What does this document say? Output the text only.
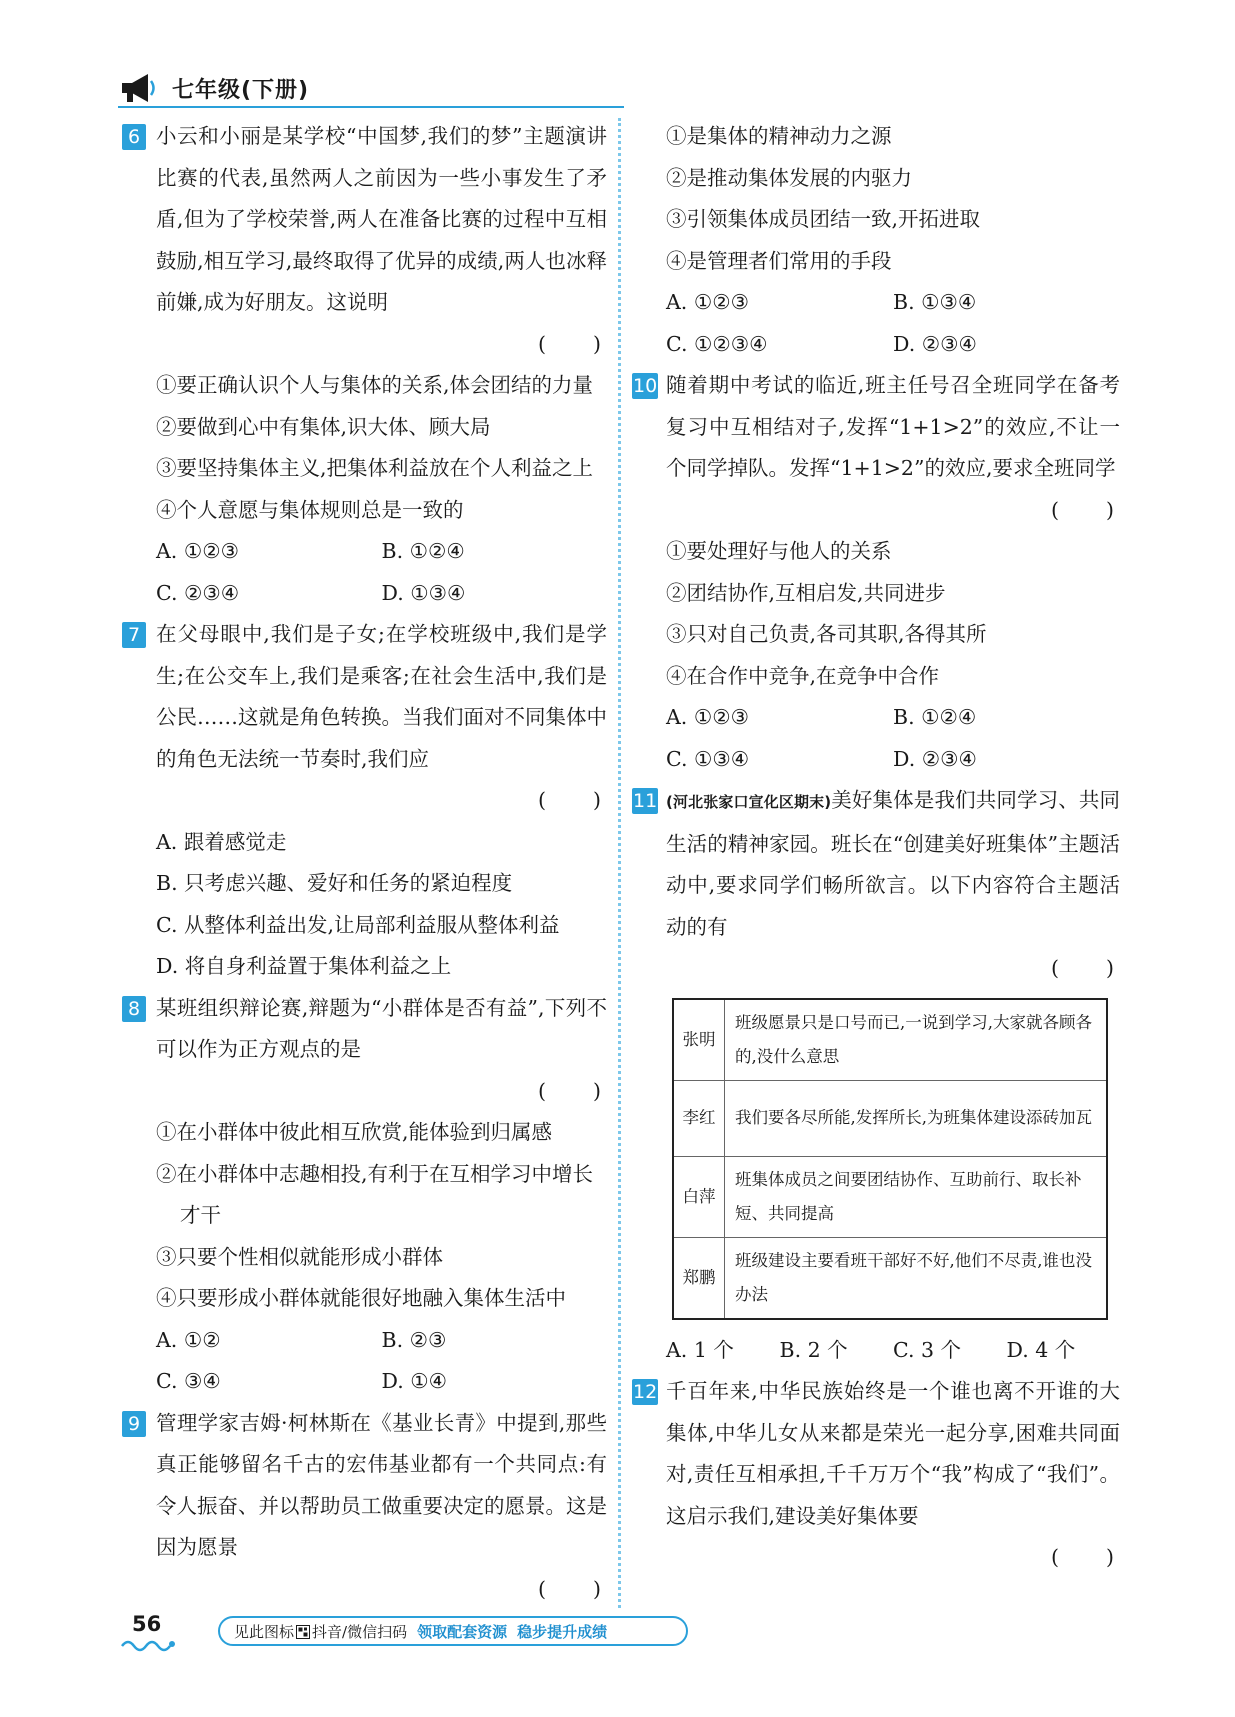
七年级(下册)
6 小云和小丽是某学校“中国梦,我们的梦”主题演讲比赛的代表,虽然两人之前因为一些小事发生了矛盾,但为了学校荣誉,两人在准备比赛的过程中互相鼓励,相互学习,最终取得了优异的成绩,两人也冰释前嫌,成为好朋友。这说明
(　　)
①要正确认识个人与集体的关系,体会团结的力量
②要做到心中有集体,识大体、顾大局
③要坚持集体主义,把集体利益放在个人利益之上
④个人意愿与集体规则总是一致的
A. ①②③	B. ①②④
C. ②③④	D. ①③④
7 在父母眼中,我们是子女;在学校班级中,我们是学生;在公交车上,我们是乘客;在社会生活中,我们是公民……这就是角色转换。当我们面对不同集体中的角色无法统一节奏时,我们应
(　　)
A. 跟着感觉走
B. 只考虑兴趣、爱好和任务的紧迫程度
C. 从整体利益出发,让局部利益服从整体利益
D. 将自身利益置于集体利益之上
8 某班组织辩论赛,辩题为“小群体是否有益”,下列不可以作为正方观点的是
(　　)
①在小群体中彼此相互欣赏,能体验到归属感
②在小群体中志趣相投,有利于在互相学习中增长才干
③只要个性相似就能形成小群体
④只要形成小群体就能很好地融入集体生活中
A. ①②	B. ②③
C. ③④	D. ①④
9 管理学家吉姆·柯林斯在《基业长青》中提到,那些真正能够留名千古的宏伟基业都有一个共同点:有令人振奋、并以帮助员工做重要决定的愿景。这是因为愿景
(　　)
①是集体的精神动力之源
②是推动集体发展的内驱力
③引领集体成员团结一致,开拓进取
④是管理者们常用的手段
A. ①②③	B. ①③④
C. ①②③④	D. ②③④
10 随着期中考试的临近,班主任号召全班同学在备考复习中互相结对子,发挥“1+1>2”的效应,不让一个同学掉队。发挥“1+1>2”的效应,要求全班同学
(　　)
①要处理好与他人的关系
②团结协作,互相启发,共同进步
③只对自己负责,各司其职,各得其所
④在合作中竞争,在竞争中合作
A. ①②③	B. ①②④
C. ①③④	D. ②③④
11 (河北张家口宣化区期末)美好集体是我们共同学习、共同生活的精神家园。班长在“创建美好班集体”主题活动中,要求同学们畅所欲言。以下内容符合主题活动的有
(　　)
张明	班级愿景只是口号而已,一说到学习,大家就各顾各的,没什么意思
李红	我们要各尽所能,发挥所长,为班集体建设添砖加瓦
白萍	班集体成员之间要团结协作、互助前行、取长补短、共同提高
郑鹏	班级建设主要看班干部好不好,他们不尽责,谁也没办法
A. 1 个	B. 2 个	C. 3 个	D. 4 个
12 千百年来,中华民族始终是一个谁也离不开谁的大集体,中华儿女从来都是荣光一起分享,困难共同面对,责任互相承担,千千万万个“我”构成了“我们”。这启示我们,建设美好集体要
(　　)
56	见此图标 抖音/微信扫码 领取配套资源 稳步提升成绩
